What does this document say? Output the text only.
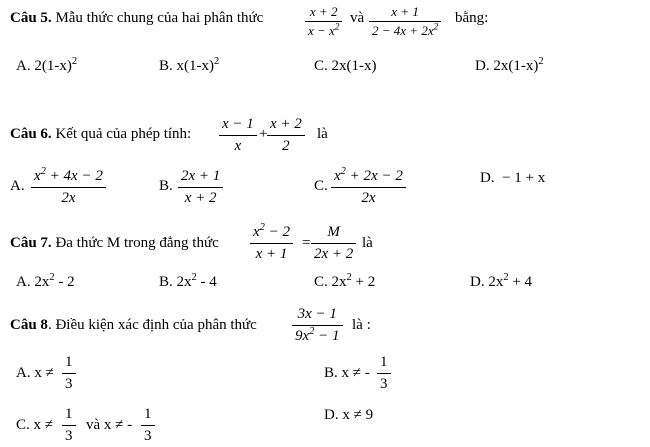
Câu 5. Mẫu thức chung của hai phân thức	$\frac{x + 2}{x - x^2}$ và $\frac{x + 1}{2 - 4x + 2x^2}$ bằng:
A. $2(1-x)^2$	B. $x(1-x)^2$	C. 2x(1-x)	D. $2x(1-x)^2$
Câu 6. Kết quả của phép tính: $\frac{x - 1}{x} + \frac{x + 2}{2}$ là
A. $\frac{x^2 + 4x - 2}{2x}$	B. $\frac{2x + 1}{x + 2}$	C. $\frac{x^2 + 2x - 2}{2x}$	D. − 1 + x
Câu 7. Đa thức M trong đẳng thức $\frac{x^2 - 2}{x + 1} = \frac{M}{2x + 2}$ là
A. $2x^2 - 2$	B. $2x^2 - 4$	C. $2x^2 + 2$	D. $2x^2 + 4$
Câu 8. Điều kiện xác định của phân thức $\frac{3x - 1}{9x^2 - 1}$ là :
A. $x \ne \frac{1}{3}$	B. x ≠ - $\frac{1}{3}$
C. $x \ne \frac{1}{3}$ và x ≠ - $\frac{1}{3}$	D. x ≠ 9
